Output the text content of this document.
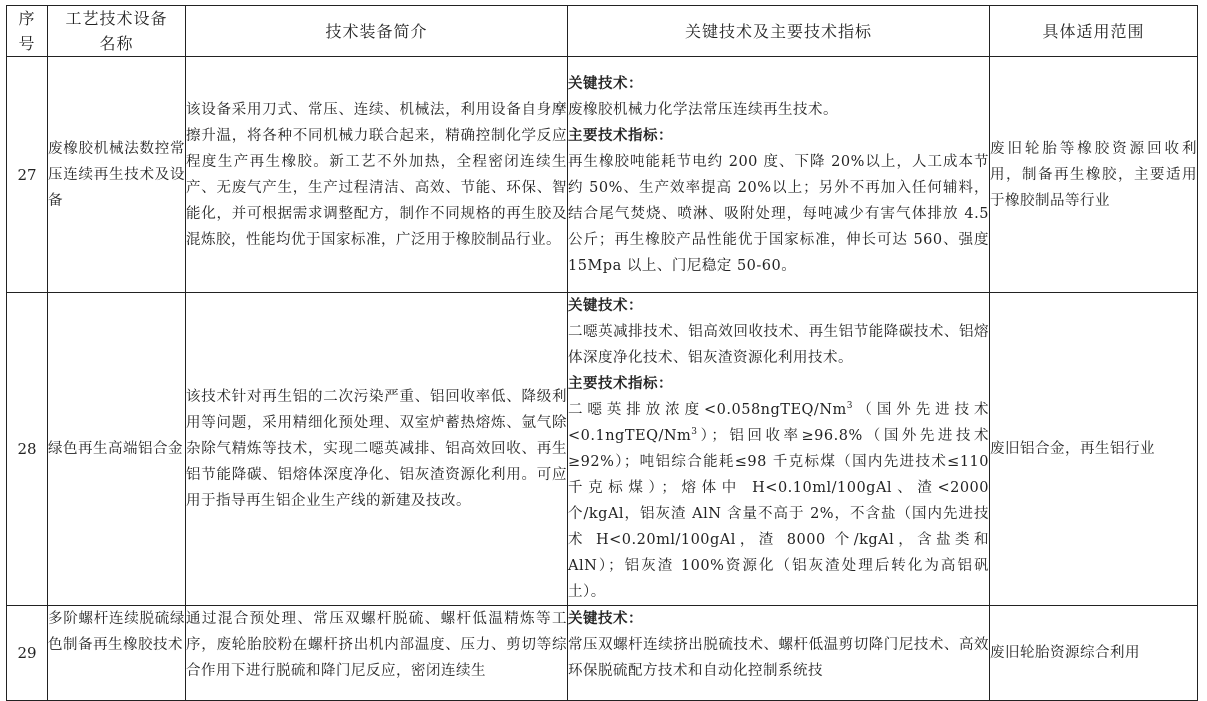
序号	工艺技术设备名称	技术装备简介	关键技术及主要技术指标	具体适用范围
27	废橡胶机械法数控常压连续再生技术及设备	该设备采用刀式、常压、连续、机械法，利用设备自身摩擦升温，将各种不同机械力联合起来，精确控制化学反应程度生产再生橡胶。新工艺不外加热，全程密闭连续生产、无废气产生，生产过程清洁、高效、节能、环保、智能化，并可根据需求调整配方，制作不同规格的再生胶及混炼胶，性能均优于国家标准，广泛用于橡胶制品行业。	关键技术：
废橡胶机械力化学法常压连续再生技术。
主要技术指标：
再生橡胶吨能耗节电约 200 度、下降 20%以上，人工成本节约 50%、生产效率提高 20%以上；另外不再加入任何辅料，结合尾气焚烧、喷淋、吸附处理，每吨减少有害气体排放 4.5 公斤；再生橡胶产品性能优于国家标准，伸长可达 560、强度 15Mpa 以上、门尼稳定 50-60。	废旧轮胎等橡胶资源回收利用，制备再生橡胶，主要适用于橡胶制品等行业
28	绿色再生高端铝合金	该技术针对再生铝的二次污染严重、铝回收率低、降级利用等问题，采用精细化预处理、双室炉蓄热熔炼、氩气除杂除气精炼等技术，实现二噁英减排、铝高效回收、再生铝节能降碳、铝熔体深度净化、铝灰渣资源化利用。可应用于指导再生铝企业生产线的新建及技改。	关键技术：
二噁英减排技术、铝高效回收技术、再生铝节能降碳技术、铝熔体深度净化技术、铝灰渣资源化利用技术。
主要技术指标：
二噁英排放浓度$<0.058ngTEQ/Nm^3$（国外先进技术$<0.1ngTEQ/Nm^3$）；铝回收率≥96.8%（国外先进技术≥92%）；吨铝综合能耗≤98 千克标煤（国内先进技术≤110 千克标煤）；熔体中 H<0.10ml/100gAl、渣<2000 个/kgAl，铝灰渣 AlN 含量不高于 2%，不含盐（国内先进技术 H<0.20ml/100gAl，渣 8000 个/kgAl，含盐类和 AlN）；铝灰渣 100%资源化（铝灰渣处理后转化为高铝矾土）。	废旧铝合金，再生铝行业
29	多阶螺杆连续脱硫绿色制备再生橡胶技术	通过混合预处理、常压双螺杆脱硫、螺杆低温精炼等工序，废轮胎胶粉在螺杆挤出机内部温度、压力、剪切等综合作用下进行脱硫和降门尼反应，密闭连续生	关键技术：
常压双螺杆连续挤出脱硫技术、螺杆低温剪切降门尼技术、高效环保脱硫配方技术和自动化控制系统技	废旧轮胎资源综合利用
